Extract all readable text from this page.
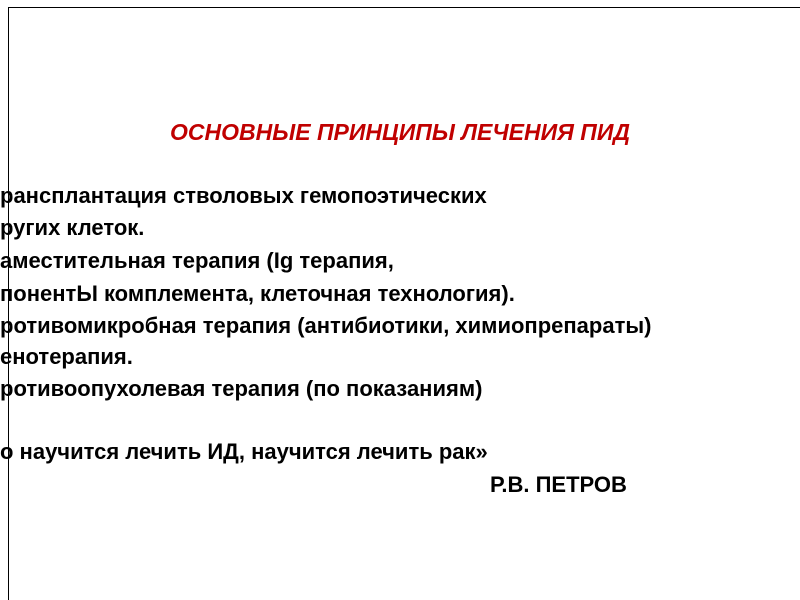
ОСНОВНЫЕ ПРИНЦИПЫ ЛЕЧЕНИЯ ПИД
рансплантация стволовых гемопоэтических
ругих клеток.
аместительная терапия (Ig терапия,
понентЫ комплемента, клеточная технология).
ротивомикробная терапия (антибиотики, химиопрепараты)
енотерапия.
ротивоопухолевая терапия (по показаниям)
о научится лечить ИД, научится лечить рак»
Р.В. ПЕТРОВ
